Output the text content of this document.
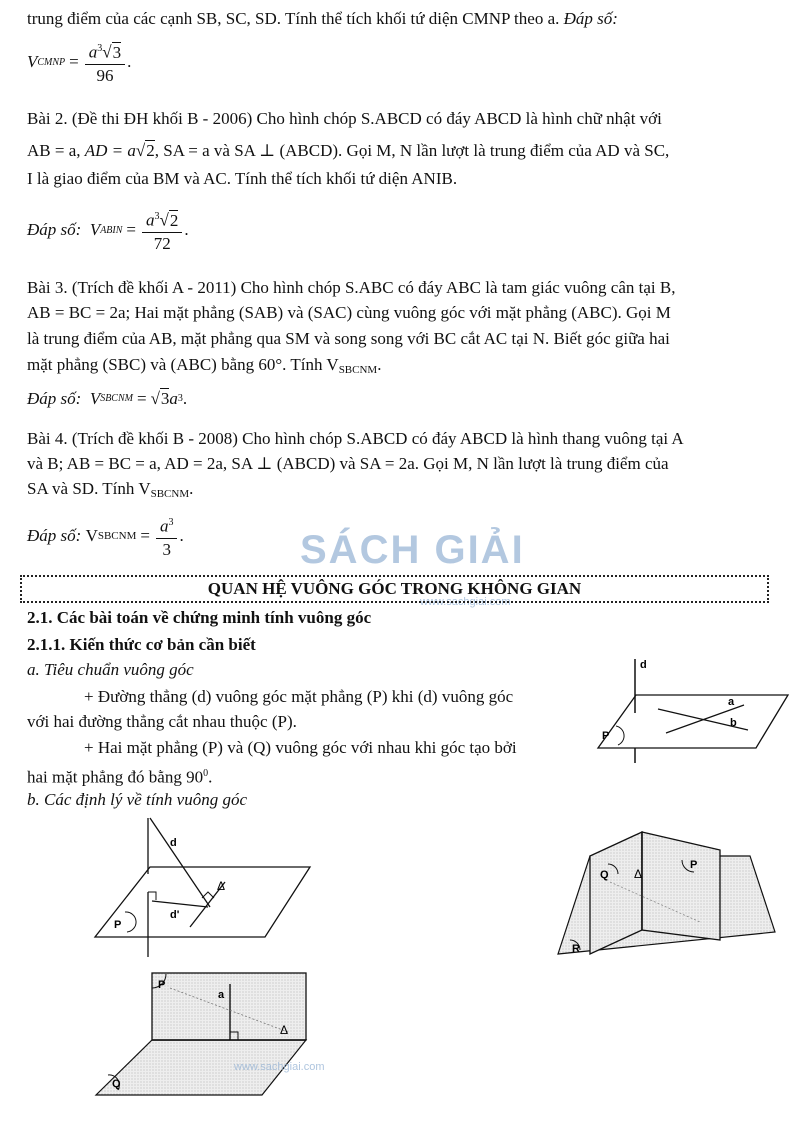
trung điểm của các cạnh SB, SC, SD. Tính thể tích khối tứ diện CMNP theo a. Đáp số:
V CMNP = $\frac{a^3√3}{96}$ .
Bài 2. (Đề thi ĐH khối B - 2006) Cho hình chóp S.ABCD có đáy ABCD là hình chữ nhật với
AB = a, AD = a√2, SA = a và SA ⊥ (ABCD). Gọi M, N lần lượt là trung điểm của AD và SC,
I là giao điểm của BM và AC. Tính thể tích khối tứ diện ANIB.
Đáp số:
V ABIN = $\frac{a^3√2}{72}$ .
Bài 3. (Trích đề khối A - 2011) Cho hình chóp S.ABC có đáy ABC là tam giác vuông cân tại B,
AB = BC = 2a; Hai mặt phẳng (SAB) và (SAC) cùng vuông góc với mặt phẳng (ABC). Gọi M
là trung điểm của AB, mặt phẳng qua SM và song song với BC cắt AC tại N. Biết góc giữa hai
mặt phẳng (SBC) và (ABC) bằng 60°. Tính VSBCNM.
Đáp số:
V SBCNM = √ 3 a 3 .
Bài 4. (Trích đề khối B - 2008) Cho hình chóp S.ABCD có đáy ABCD là hình thang vuông tại A
và B; AB = BC = a, AD = 2a, SA ⊥ (ABCD) và SA = 2a. Gọi M, N lần lượt là trung điểm của
SA và SD. Tính VSBCNM.
Đáp số:
V SBCNM = $\frac{a^3}{3}$ .	SÁCH GIẢI
www.sachgiai.com
QUAN HỆ VUÔNG GÓC TRONG KHÔNG GIAN
2.1. Các bài toán về chứng minh tính vuông góc
2.1.1. Kiến thức cơ bản cần biết
a. Tiêu chuẩn vuông góc
+ Đường thẳng (d) vuông góc mặt phẳng (P) khi (d) vuông góc
với hai đường thẳng cắt nhau thuộc (P).
+ Hai mặt phẳng (P) và (Q) vuông góc với nhau khi góc tạo bởi
hai mặt phẳng đó bằng $90^0$.
b. Các định lý về tính vuông góc
d
a
b
P
d
d'
Δ
P
Q Δ
P
R
P
a
Δ
Q
www.sachgiai.com
